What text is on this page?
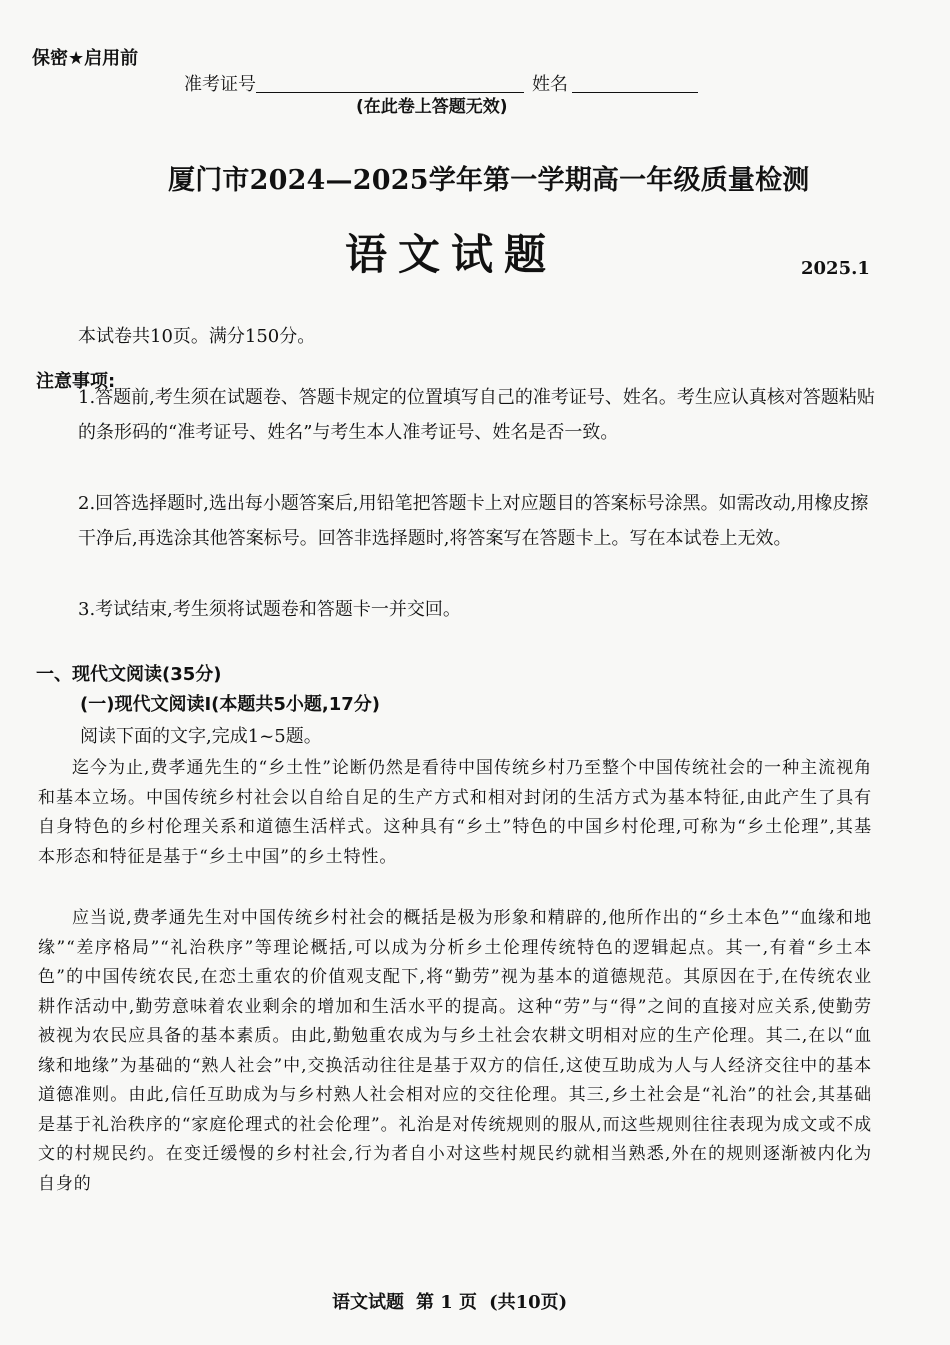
保密★启用前
准考证号	姓名
(在此卷上答题无效)
厦门市2024—2025学年第一学期高一年级质量检测
语文试题	2025.1
本试卷共10页。满分150分。
注意事项:
1.答题前,考生须在试题卷、答题卡规定的位置填写自己的准考证号、姓名。考生应认真核对答题粘贴的条形码的“准考证号、姓名”与考生本人准考证号、姓名是否一致。
2.回答选择题时,选出每小题答案后,用铅笔把答题卡上对应题目的答案标号涂黑。如需改动,用橡皮擦干净后,再选涂其他答案标号。回答非选择题时,将答案写在答题卡上。写在本试卷上无效。
3.考试结束,考生须将试题卷和答题卡一并交回。
一、现代文阅读(35分)
(一)现代文阅读Ⅰ(本题共5小题,17分)
阅读下面的文字,完成1~5题。

迄今为止,费孝通先生的“乡土性”论断仍然是看待中国传统乡村乃至整个中国传统社会的一种主流视角和基本立场。中国传统乡村社会以自给自足的生产方式和相对封闭的生活方式为基本特征,由此产生了具有自身特色的乡村伦理关系和道德生活样式。这种具有“乡土”特色的中国乡村伦理,可称为“乡土伦理”,其基本形态和特征是基于“乡土中国”的乡土特性。

应当说,费孝通先生对中国传统乡村社会的概括是极为形象和精辟的,他所作出的“乡土本色”“血缘和地缘”“差序格局”“礼治秩序”等理论概括,可以成为分析乡土伦理传统特色的逻辑起点。其一,有着“乡土本色”的中国传统农民,在恋土重农的价值观支配下,将“勤劳”视为基本的道德规范。其原因在于,在传统农业耕作活动中,勤劳意味着农业剩余的增加和生活水平的提高。这种“劳”与“得”之间的直接对应关系,使勤劳被视为农民应具备的基本素质。由此,勤勉重农成为与乡土社会农耕文明相对应的生产伦理。其二,在以“血缘和地缘”为基础的“熟人社会”中,交换活动往往是基于双方的信任,这使互助成为人与人经济交往中的基本道德准则。由此,信任互助成为与乡村熟人社会相对应的交往伦理。其三,乡土社会是“礼治”的社会,其基础是基于礼治秩序的“家庭伦理式的社会伦理”。礼治是对传统规则的服从,而这些规则往往表现为成文或不成文的村规民约。在变迁缓慢的乡村社会,行为者自小对这些村规民约就相当熟悉,外在的规则逐渐被内化为自身的

语文试题 第 1 页 (共10页)
